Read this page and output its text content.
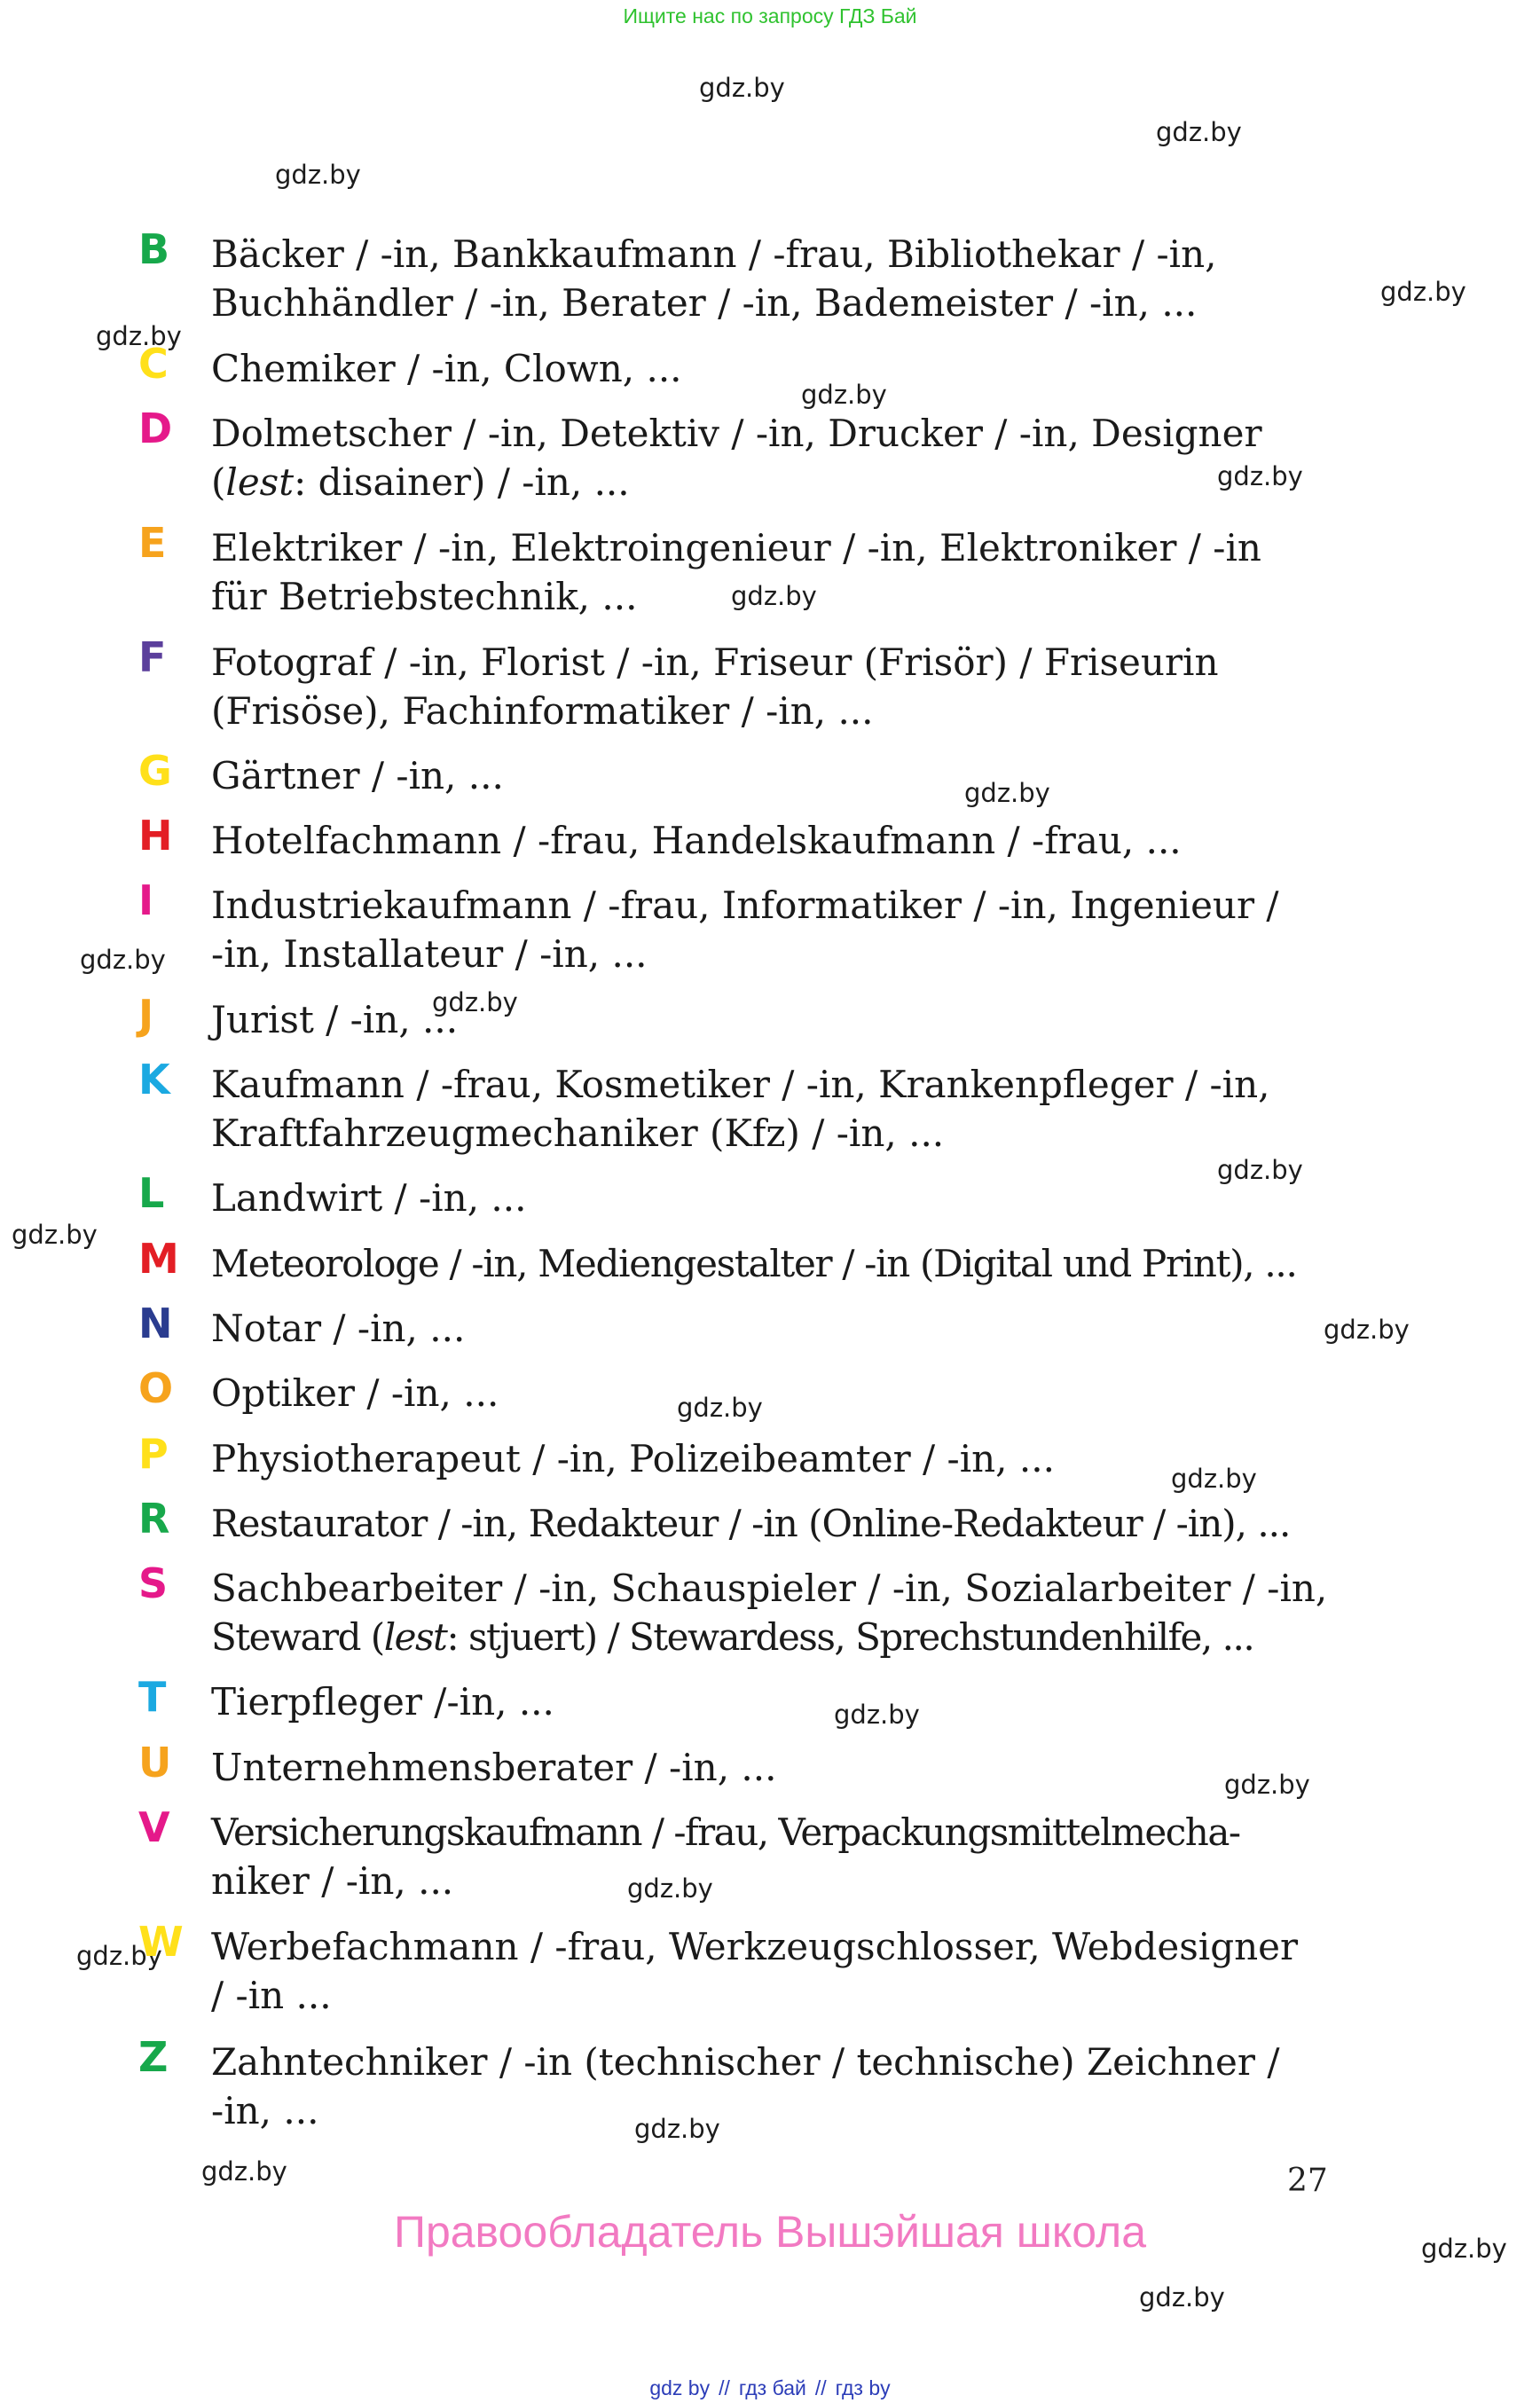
Ищите нас по запросу ГДЗ Бай
gdz.by
gdz.by
gdz.by
gdz.by
gdz.by
gdz.by
gdz.by
gdz.by
gdz.by
gdz.by
gdz.by
gdz.by
gdz.by
gdz.by
gdz.by
gdz.by
gdz.by
gdz.by
gdz.by
gdz.by
gdz.by
gdz.by
gdz.by
gdz.by
B Bäcker / -in, Bankkaufmann / -frau, Bibliothekar / -in,
Buchhändler / -in, Berater / -in, Bademeister / -in, ...
C Chemiker / -in, Clown, ...
D Dolmetscher / -in, Detektiv / -in, Drucker / -in, Designer
(lest: disainer) / -in, ...
E Elektriker / -in, Elektroingenieur / -in, Elektroniker / -in
für Betriebstechnik, ...
F Fotograf / -in, Florist / -in, Friseur (Frisör) / Friseurin
(Frisöse), Fachinformatiker / -in, ...
G Gärtner / -in, ...
H Hotelfachmann / -frau, Handelskaufmann / -frau, ...
I Industriekaufmann / -frau, Informatiker / -in, Ingenieur /
-in, Installateur / -in, ...
J Jurist / -in, ...
K Kaufmann / -frau, Kosmetiker / -in, Krankenpfleger / -in,
Kraftfahrzeugmechaniker (Kfz) / -in, ...
L Landwirt / -in, ...
M Meteorologe / -in, Mediengestalter / -in (Digital und Print), ...
N Notar / -in, ...
O Optiker / -in, ...
P Physiotherapeut / -in, Polizeibeamter / -in, ...
R Restaurator / -in, Redakteur / -in (Online-Redakteur / -in), ...
S Sachbearbeiter / -in, Schauspieler / -in, Sozialarbeiter / -in,
Steward (lest: stjuert) / Stewardess, Sprechstundenhilfe, ...
T Tierpfleger /-in, ...
U Unternehmensberater / -in, ...
V Versicherungskaufmann / -frau, Verpackungsmittelmecha-
niker / -in, ...
W Werbefachmann / -frau, Werkzeugschlosser, Webdesigner
/ -in ...
Z Zahntechniker / -in (technischer / technische) Zeichner /
-in, ...
27
Правообладатель Вышэйшая школа
gdz by // гдз бай // гдз by
